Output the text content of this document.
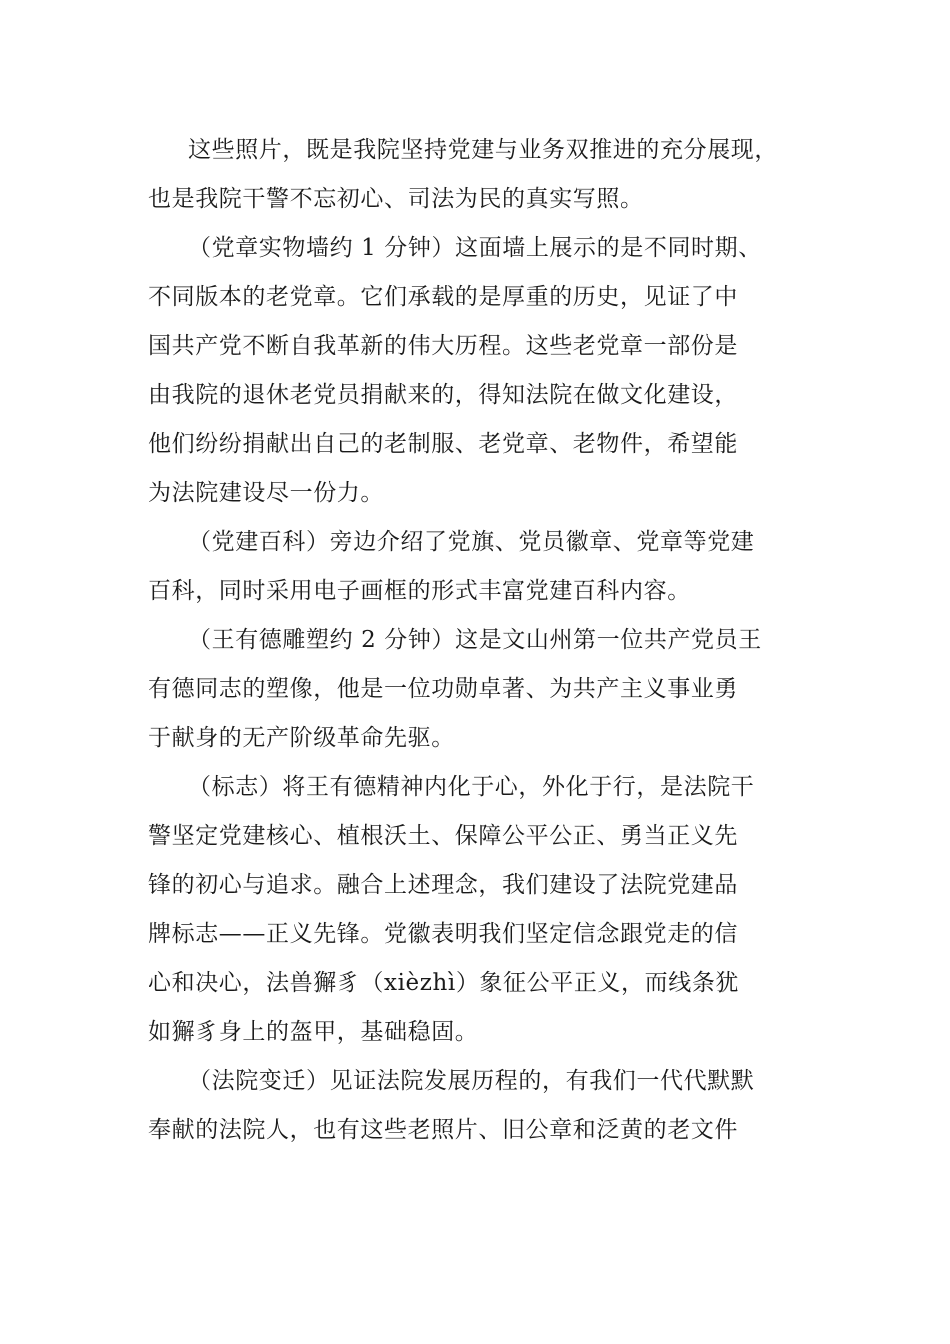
这些照片，既是我院坚持党建与业务双推进的充分展现，
也是我院干警不忘初心、司法为民的真实写照。
（党章实物墙约 1 分钟）这面墙上展示的是不同时期、
不同版本的老党章。它们承载的是厚重的历史，见证了中
国共产党不断自我革新的伟大历程。这些老党章一部份是
由我院的退休老党员捐献来的，得知法院在做文化建设，
他们纷纷捐献出自己的老制服、老党章、老物件，希望能
为法院建设尽一份力。
（党建百科）旁边介绍了党旗、党员徽章、党章等党建
百科，同时采用电子画框的形式丰富党建百科内容。
（王有德雕塑约 2 分钟）这是文山州第一位共产党员王
有德同志的塑像，他是一位功勋卓著、为共产主义事业勇
于献身的无产阶级革命先驱。
（标志）将王有德精神内化于心，外化于行，是法院干
警坚定党建核心、植根沃土、保障公平公正、勇当正义先
锋的初心与追求。融合上述理念，我们建设了法院党建品
牌标志——正义先锋。党徽表明我们坚定信念跟党走的信
心和决心，法兽獬豸（xièzhì）象征公平正义，而线条犹
如獬豸身上的盔甲，基础稳固。
（法院变迁）见证法院发展历程的，有我们一代代默默
奉献的法院人，也有这些老照片、旧公章和泛黄的老文件
